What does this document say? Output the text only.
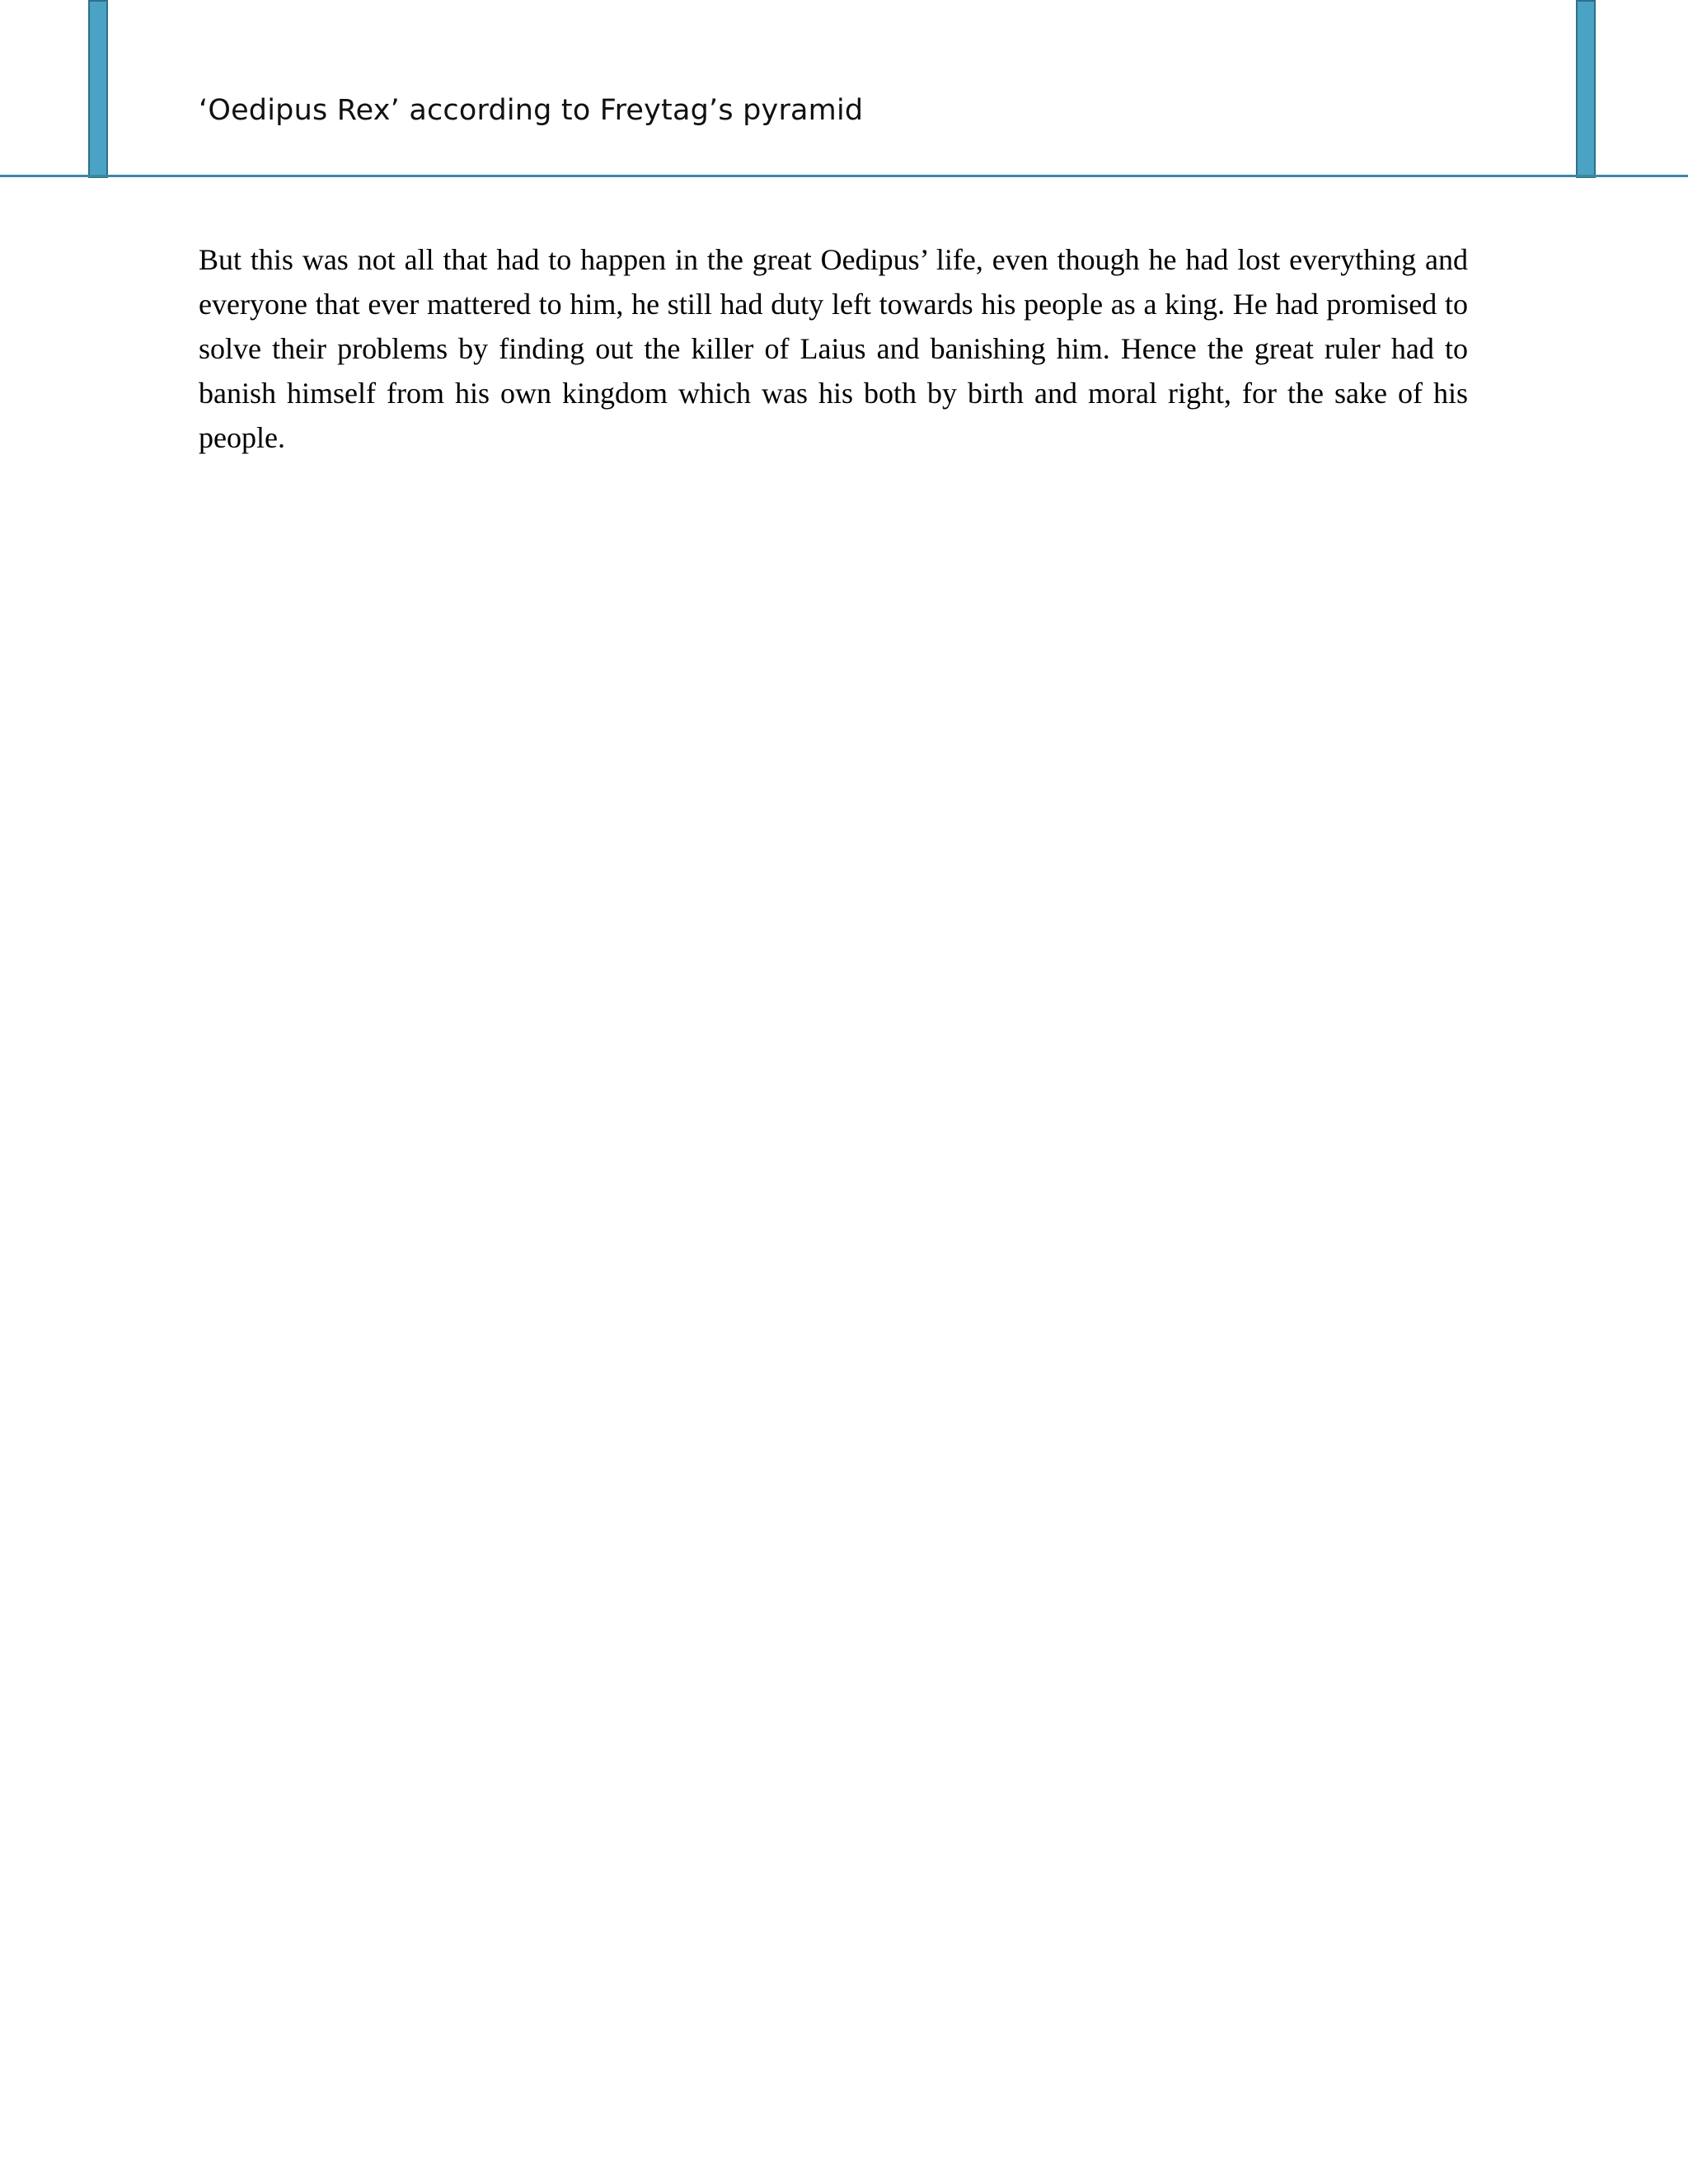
‘Oedipus Rex’ according to Freytag’s pyramid
But this was not all that had to happen in the great Oedipus’ life, even though he had lost everything and everyone that ever mattered to him, he still had duty left towards his people as a king. He had promised to solve their problems by finding out the killer of Laius and banishing him. Hence the great ruler had to banish himself from his own kingdom which was his both by birth and moral right, for the sake of his people.
